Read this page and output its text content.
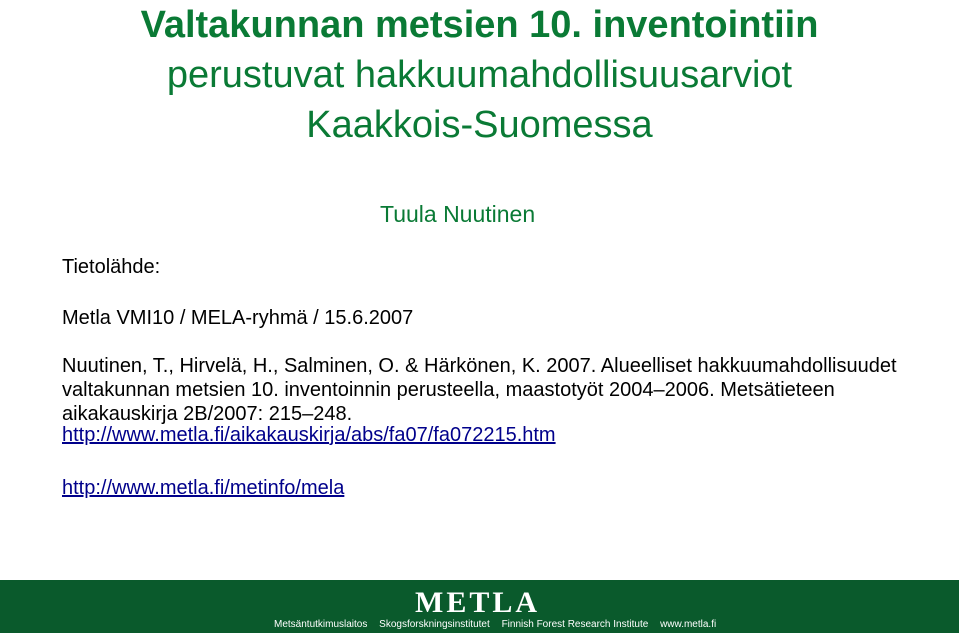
Valtakunnan metsien 10. inventointiin
perustuvat hakkuumahdollisuusarviot
Kaakkois-Suomessa
Tuula Nuutinen
Tietolähde:
Metla VMI10 / MELA-ryhmä / 15.6.2007
Nuutinen, T., Hirvelä, H., Salminen, O. & Härkönen, K. 2007. Alueelliset hakkuumahdollisuudet valtakunnan metsien 10. inventoinnin perusteella, maastotyöt 2004–2006. Metsätieteen aikakauskirja 2B/2007: 215–248.
http://www.metla.fi/aikakauskirja/abs/fa07/fa072215.htm
http://www.metla.fi/metinfo/mela
METLA
Metsäntutkimuslaitos Skogsforskningsinstitutet Finnish Forest Research Institute www.metla.fi
